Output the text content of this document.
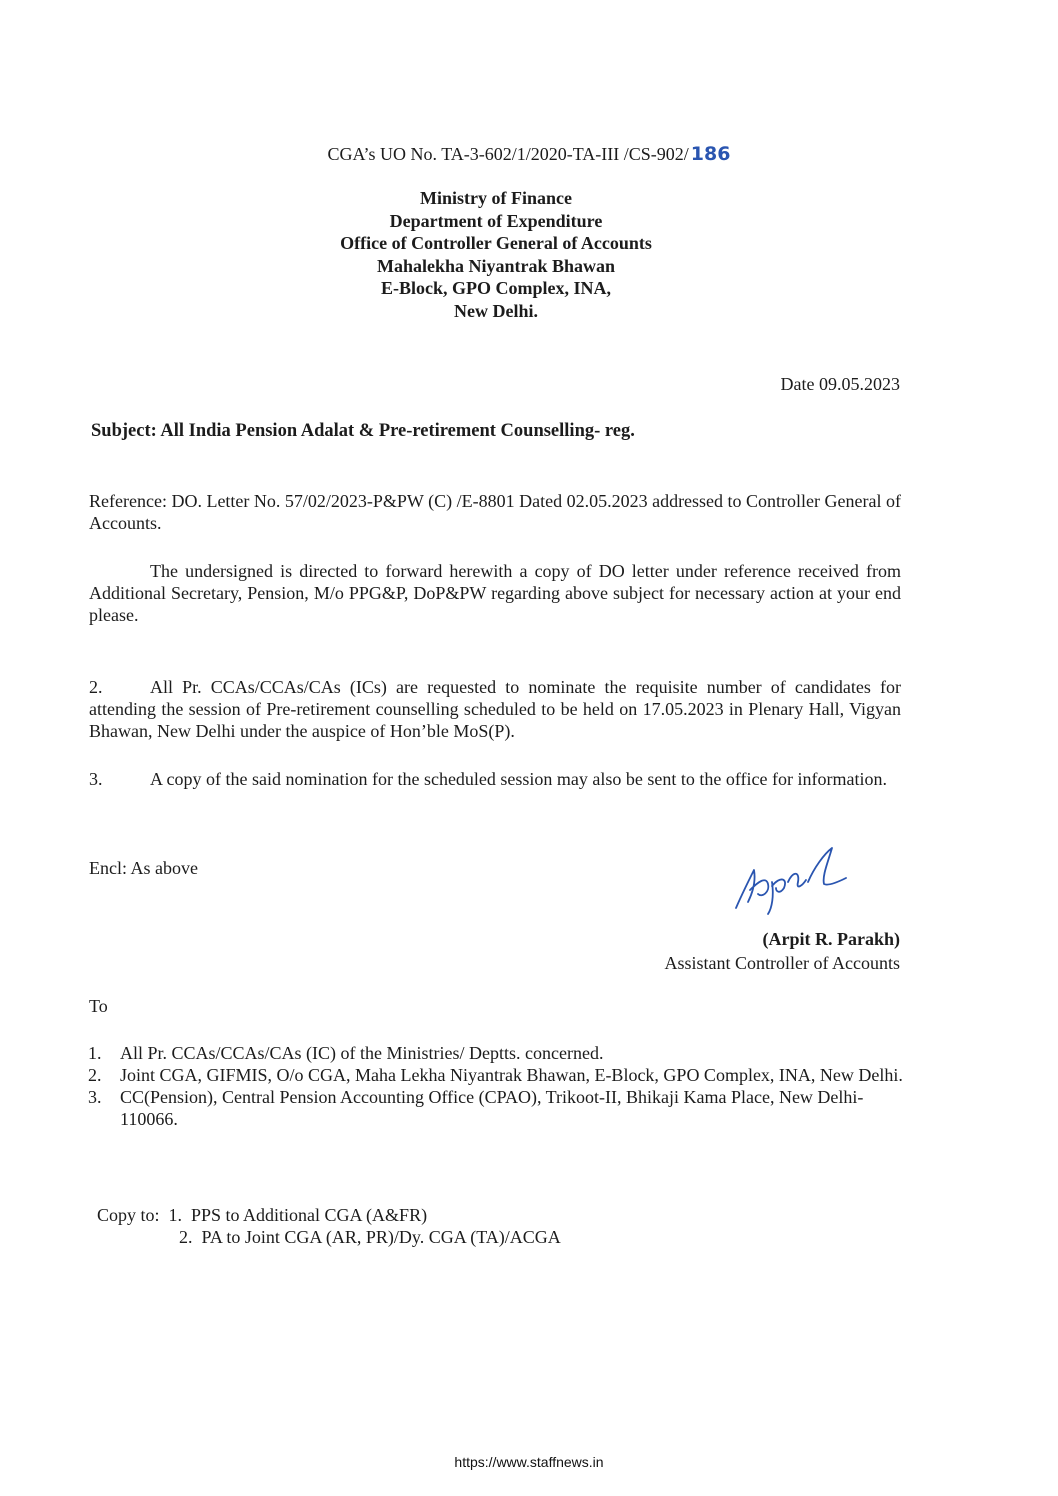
CGA’s UO No. TA-3-602/1/2020-TA-III /CS-902/ 186
Ministry of Finance
Department of Expenditure
Office of Controller General of Accounts
Mahalekha Niyantrak Bhawan
E-Block, GPO Complex, INA,
New Delhi.
Date 09.05.2023
Subject: All India Pension Adalat & Pre-retirement Counselling- reg.
Reference: DO. Letter No. 57/02/2023-P&PW (C) /E-8801 Dated 02.05.2023 addressed to Controller General of Accounts.
The undersigned is directed to forward herewith a copy of DO letter under reference received from Additional Secretary, Pension, M/o PPG&P, DoP&PW regarding above subject for necessary action at your end please.
2.	All Pr. CCAs/CCAs/CAs (ICs) are requested to nominate the requisite number of candidates for attending the session of Pre-retirement counselling scheduled to be held on 17.05.2023 in Plenary Hall, Vigyan Bhawan, New Delhi under the auspice of Hon’ble MoS(P).
3.	A copy of the said nomination for the scheduled session may also be sent to the office for information.
Encl: As above
(Arpit R. Parakh)
Assistant Controller of Accounts
To
1. All Pr. CCAs/CCAs/CAs (IC) of the Ministries/ Deptts. concerned.
2. Joint CGA, GIFMIS, O/o CGA, Maha Lekha Niyantrak Bhawan, E-Block, GPO Complex, INA, New Delhi.
3. CC(Pension), Central Pension Accounting Office (CPAO), Trikoot-II, Bhikaji Kama Place, New Delhi-110066.
Copy to: 1. PPS to Additional CGA (A&FR)
2. PA to Joint CGA (AR, PR)/Dy. CGA (TA)/ACGA
https://www.staffnews.in
